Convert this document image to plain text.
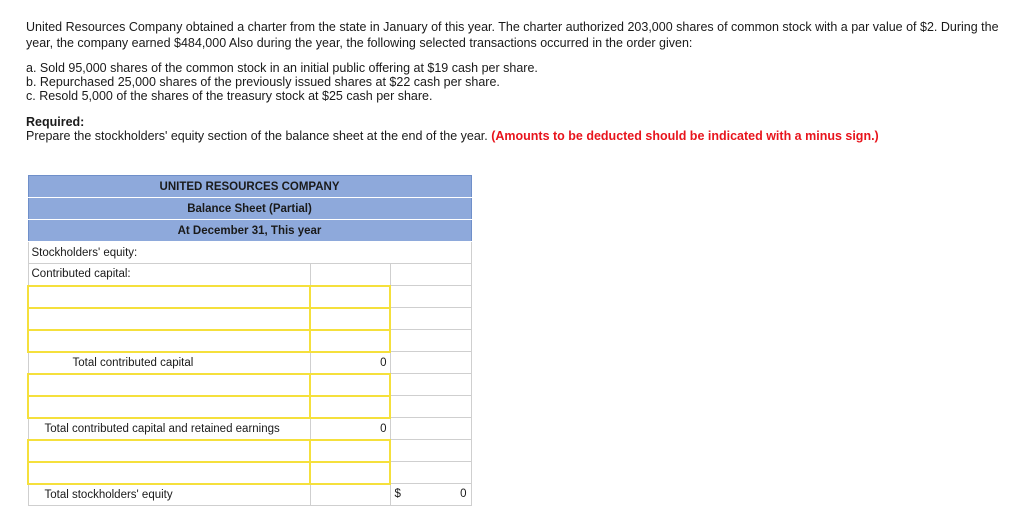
United Resources Company obtained a charter from the state in January of this year. The charter authorized 203,000 shares of common stock with a par value of $2. During the year, the company earned $484,000 Also during the year, the following selected transactions occurred in the order given:

a. Sold 95,000 shares of the common stock in an initial public offering at $19 cash per share.
b. Repurchased 25,000 shares of the previously issued shares at $22 cash per share.
c. Resold 5,000 of the shares of the treasury stock at $25 cash per share.
Required:
Prepare the stockholders' equity section of the balance sheet at the end of the year. (Amounts to be deducted should be indicated with a minus sign.)
UNITED RESOURCES COMPANY		
Balance Sheet (Partial)		
At December 31, This year		
Stockholders' equity:		
Contributed capital:		

Total contributed capital	0	

Total contributed capital and retained earnings	0	

Total stockholders' equity		$ 0
